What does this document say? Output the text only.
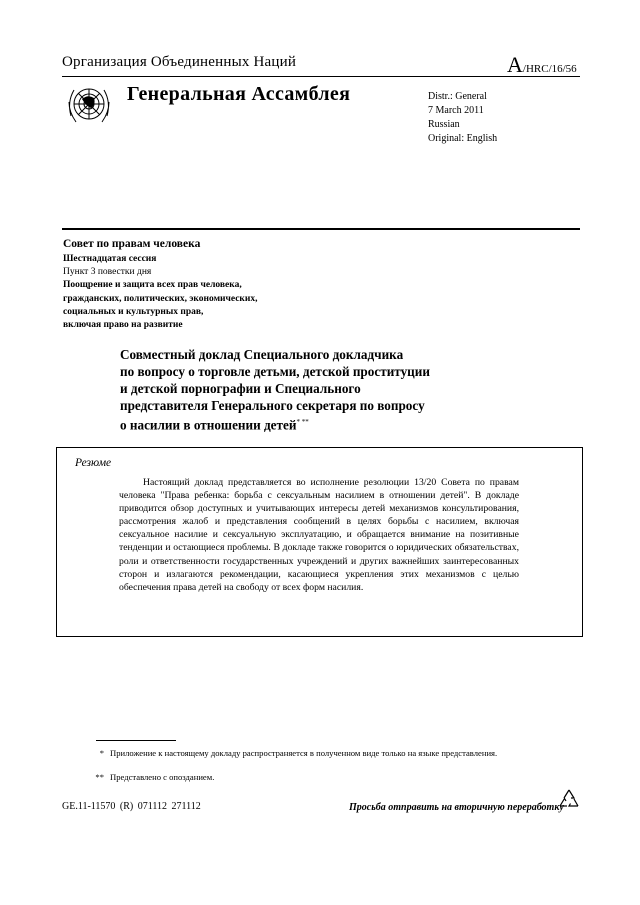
Организация Объединенных Наций	A/HRC/16/56
Генеральная Ассамблея	Distr.: General
7 March 2011
Russian
Original: English
Совет по правам человека
Шестнадцатая сессия
Пункт 3 повестки дня
Поощрение и защита всех прав человека,
гражданских, политических, экономических,
социальных и культурных прав,
включая право на развитие
Совместный доклад Специального докладчика
по вопросу о торговле детьми, детской проституции
и детской порнографии и Специального
представителя Генерального секретаря по вопросу
о насилии в отношении детей* **
Резюме
Настоящий доклад представляется во исполнение резолюции 13/20 Совета по правам человека "Права ребенка: борьба с сексуальным насилием в отношении детей". В докладе приводится обзор доступных и учитывающих интересы детей механизмов консультирования, рассмотрения жалоб и представления сообщений в целях борьбы с насилием, включая сексуальное насилие и сексуальную эксплуатацию, и обращается внимание на позитивные тенденции и остающиеся проблемы. В докладе также говорится о юридических обязательствах, роли и ответственности государственных учреждений и других важнейших заинтересованных сторон и излагаются рекомендации, касающиеся укрепления этих механизмов с целью обеспечения права детей на свободу от всех форм насилия.
* Приложение к настоящему докладу распространяется в полученном виде только на языке представления.
** Представлено с опозданием.
GE.11-11570 (R) 071112 271112	Просьба отправить на вторичную переработку
